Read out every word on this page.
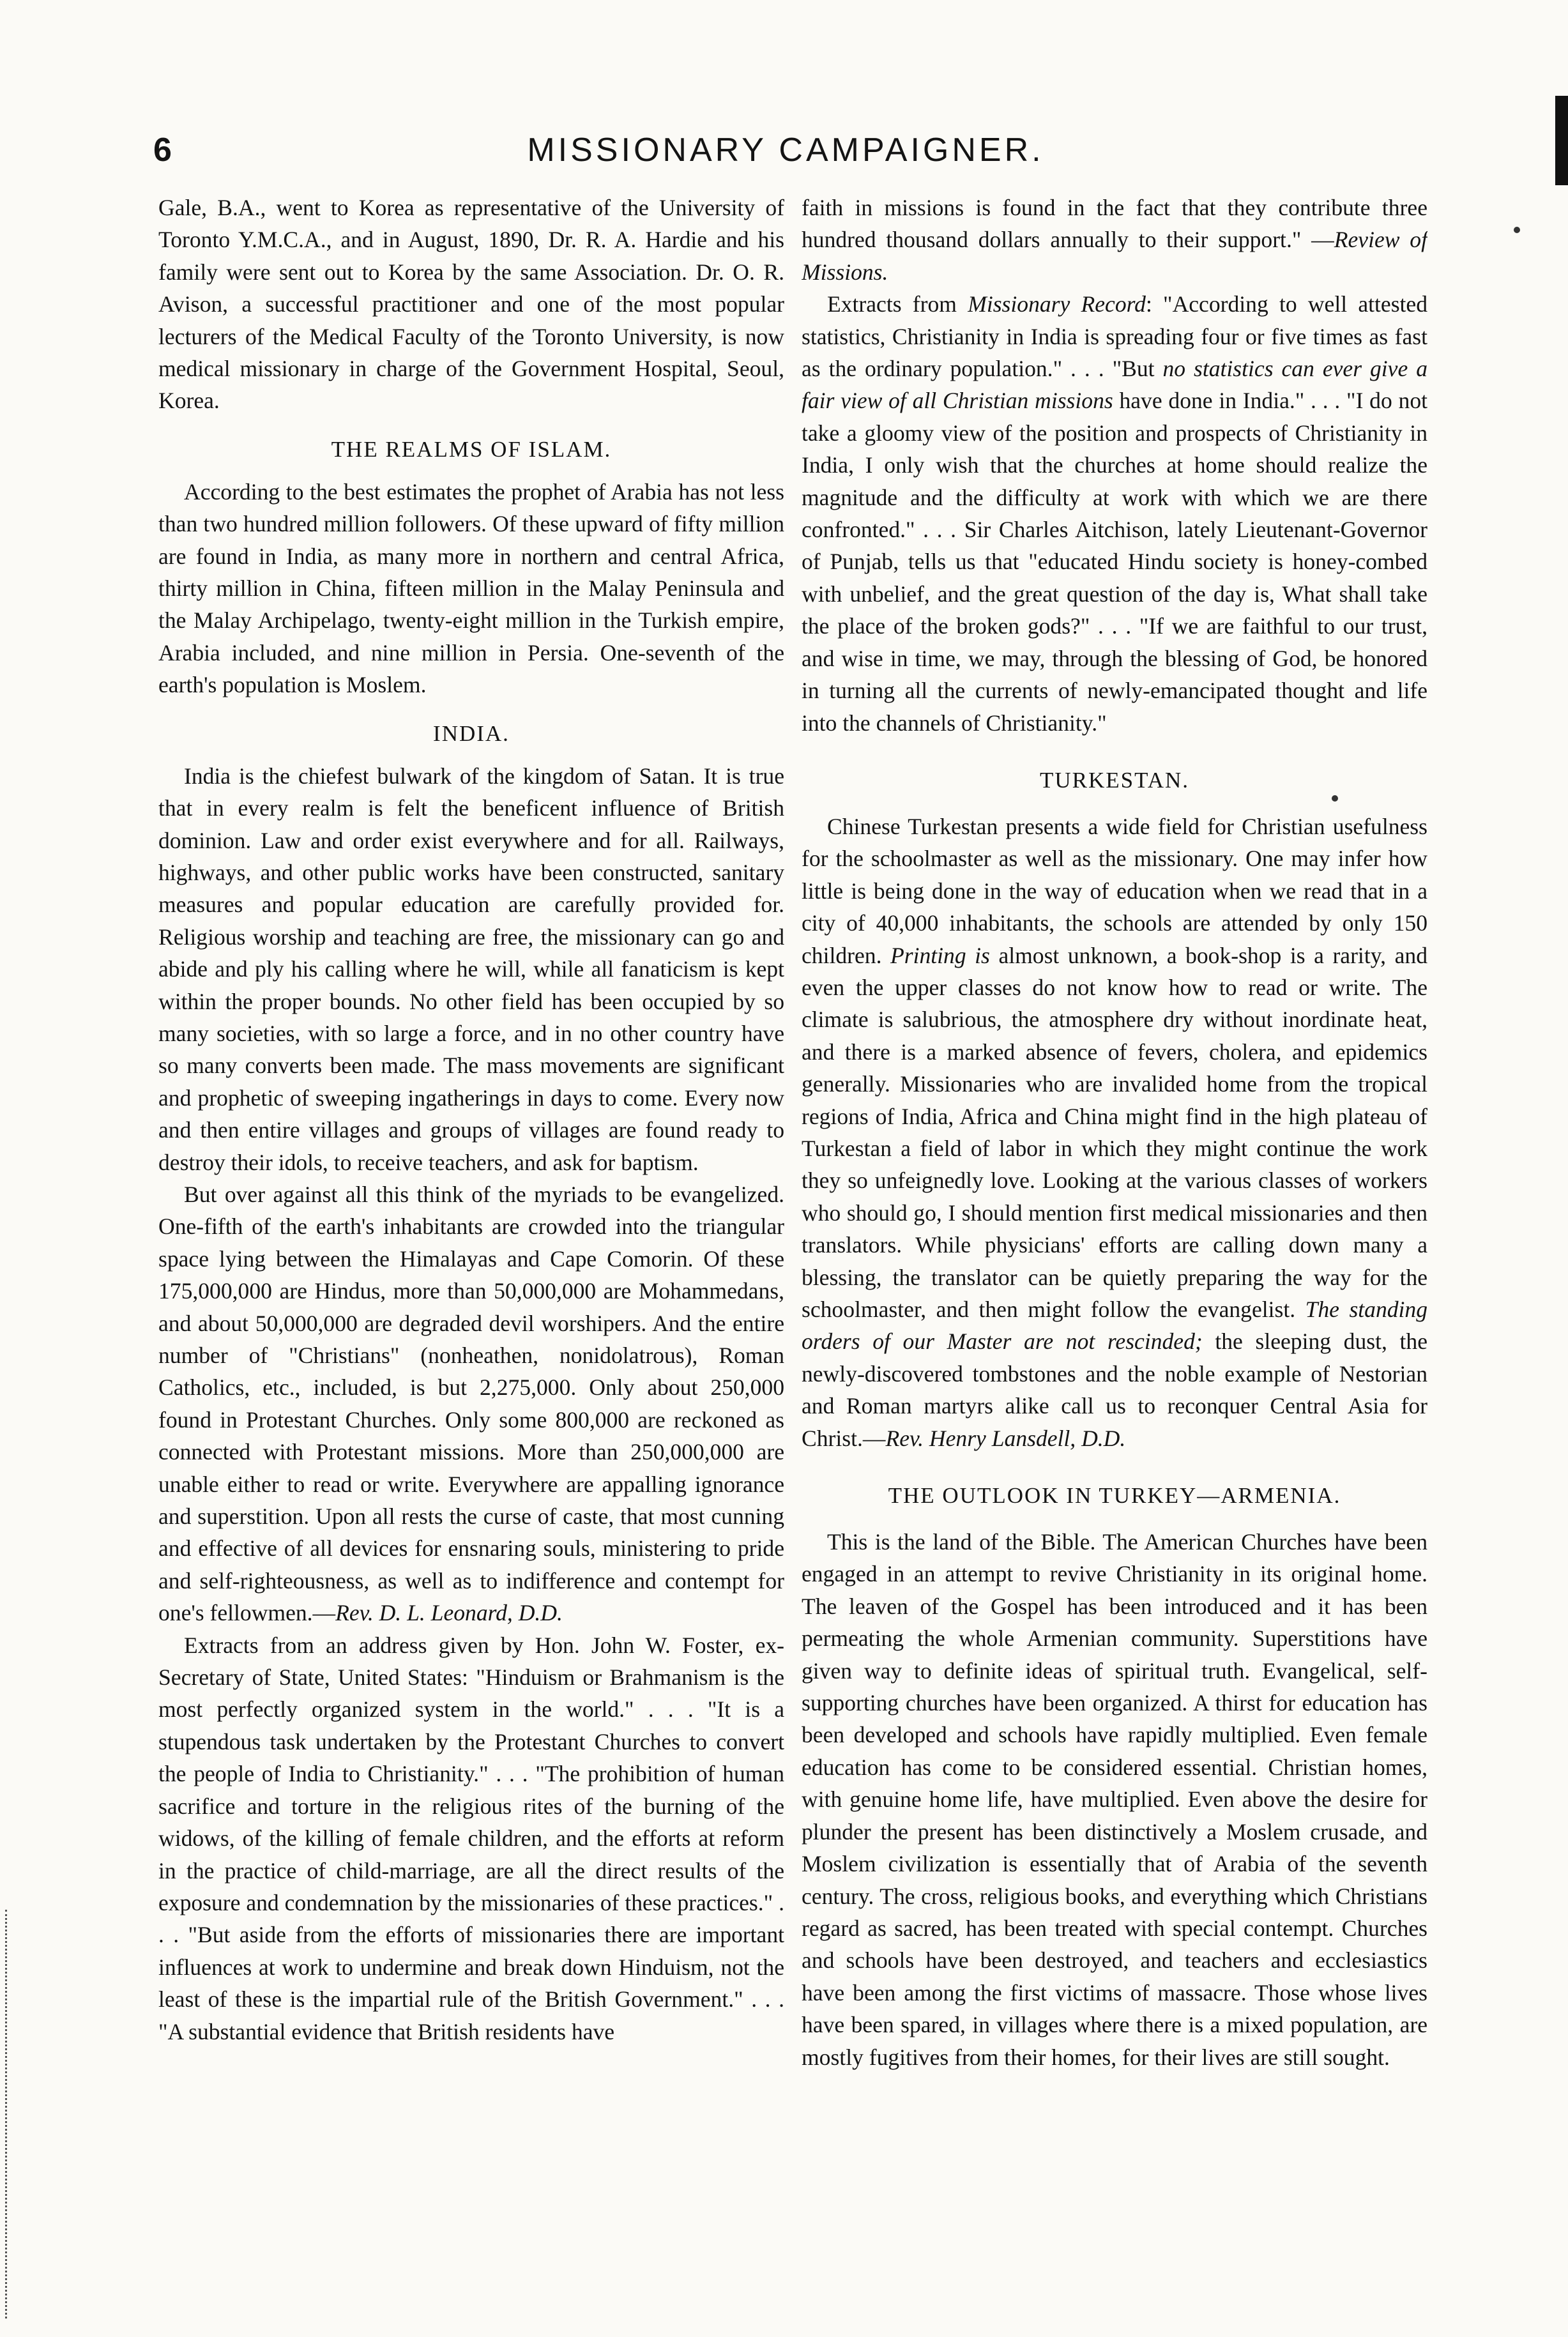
6	MISSIONARY CAMPAIGNER.

Gale, B.A., went to Korea as representative of the University of Toronto Y.M.C.A., and in August, 1890, Dr. R. A. Hardie and his family were sent out to Korea by the same Association. Dr. O. R. Avison, a successful practitioner and one of the most popular lecturers of the Medical Faculty of the Toronto University, is now medical missionary in charge of the Government Hospital, Seoul, Korea.

THE REALMS OF ISLAM.

According to the best estimates the prophet of Arabia has not less than two hundred million followers. Of these upward of fifty million are found in India, as many more in northern and central Africa, thirty million in China, fifteen million in the Malay Peninsula and the Malay Archipelago, twenty-eight million in the Turkish empire, Arabia included, and nine million in Persia. One-seventh of the earth's population is Moslem.

INDIA.

India is the chiefest bulwark of the kingdom of Satan. It is true that in every realm is felt the beneficent influence of British dominion. Law and order exist everywhere and for all. Railways, highways, and other public works have been constructed, sanitary measures and popular education are carefully provided for. Religious worship and teaching are free, the missionary can go and abide and ply his calling where he will, while all fanaticism is kept within the proper bounds. No other field has been occupied by so many societies, with so large a force, and in no other country have so many converts been made. The mass movements are significant and prophetic of sweeping ingatherings in days to come. Every now and then entire villages and groups of villages are found ready to destroy their idols, to receive teachers, and ask for baptism.

But over against all this think of the myriads to be evangelized. One-fifth of the earth's inhabitants are crowded into the triangular space lying between the Himalayas and Cape Comorin. Of these 175,000,000 are Hindus, more than 50,000,000 are Mohammedans, and about 50,000,000 are degraded devil worshipers. And the entire number of "Christians" (nonheathen, nonidolatrous), Roman Catholics, etc., included, is but 2,275,000. Only about 250,000 found in Protestant Churches. Only some 800,000 are reckoned as connected with Protestant missions. More than 250,000,000 are unable either to read or write. Everywhere are appalling ignorance and superstition. Upon all rests the curse of caste, that most cunning and effective of all devices for ensnaring souls, ministering to pride and self-righteousness, as well as to indifference and contempt for one's fellowmen.—Rev. D. L. Leonard, D.D.

Extracts from an address given by Hon. John W. Foster, ex-Secretary of State, United States: "Hinduism or Brahmanism is the most perfectly organized system in the world." . . . "It is a stupendous task undertaken by the Protestant Churches to convert the people of India to Christianity." . . . "The prohibition of human sacrifice and torture in the religious rites of the burning of the widows, of the killing of female children, and the efforts at reform in the practice of child-marriage, are all the direct results of the exposure and condemnation by the missionaries of these practices." . . . "But aside from the efforts of missionaries there are important influences at work to undermine and break down Hinduism, not the least of these is the impartial rule of the British Government." . . . "A substantial evidence that British residents have

faith in missions is found in the fact that they contribute three hundred thousand dollars annually to their support." —Review of Missions.

Extracts from Missionary Record: "According to well attested statistics, Christianity in India is spreading four or five times as fast as the ordinary population." . . . "But no statistics can ever give a fair view of all Christian missions have done in India." . . . "I do not take a gloomy view of the position and prospects of Christianity in India, I only wish that the churches at home should realize the magnitude and the difficulty at work with which we are there confronted." . . . Sir Charles Aitchison, lately Lieutenant-Governor of Punjab, tells us that "educated Hindu society is honey-combed with unbelief, and the great question of the day is, What shall take the place of the broken gods?" . . . "If we are faithful to our trust, and wise in time, we may, through the blessing of God, be honored in turning all the currents of newly-emancipated thought and life into the channels of Christianity."

TURKESTAN.

Chinese Turkestan presents a wide field for Christian usefulness for the schoolmaster as well as the missionary. One may infer how little is being done in the way of education when we read that in a city of 40,000 inhabitants, the schools are attended by only 150 children. Printing is almost unknown, a book-shop is a rarity, and even the upper classes do not know how to read or write. The climate is salubrious, the atmosphere dry without inordinate heat, and there is a marked absence of fevers, cholera, and epidemics generally. Missionaries who are invalided home from the tropical regions of India, Africa and China might find in the high plateau of Turkestan a field of labor in which they might continue the work they so unfeignedly love. Looking at the various classes of workers who should go, I should mention first medical missionaries and then translators. While physicians' efforts are calling down many a blessing, the translator can be quietly preparing the way for the schoolmaster, and then might follow the evangelist. The standing orders of our Master are not rescinded; the sleeping dust, the newly-discovered tombstones and the noble example of Nestorian and Roman martyrs alike call us to reconquer Central Asia for Christ.—Rev. Henry Lansdell, D.D.

THE OUTLOOK IN TURKEY—ARMENIA.

This is the land of the Bible. The American Churches have been engaged in an attempt to revive Christianity in its original home. The leaven of the Gospel has been introduced and it has been permeating the whole Armenian community. Superstitions have given way to definite ideas of spiritual truth. Evangelical, self-supporting churches have been organized. A thirst for education has been developed and schools have rapidly multiplied. Even female education has come to be considered essential. Christian homes, with genuine home life, have multiplied. Even above the desire for plunder the present has been distinctively a Moslem crusade, and Moslem civilization is essentially that of Arabia of the seventh century. The cross, religious books, and everything which Christians regard as sacred, has been treated with special contempt. Churches and schools have been destroyed, and teachers and ecclesiastics have been among the first victims of massacre. Those whose lives have been spared, in villages where there is a mixed population, are mostly fugitives from their homes, for their lives are still sought.
